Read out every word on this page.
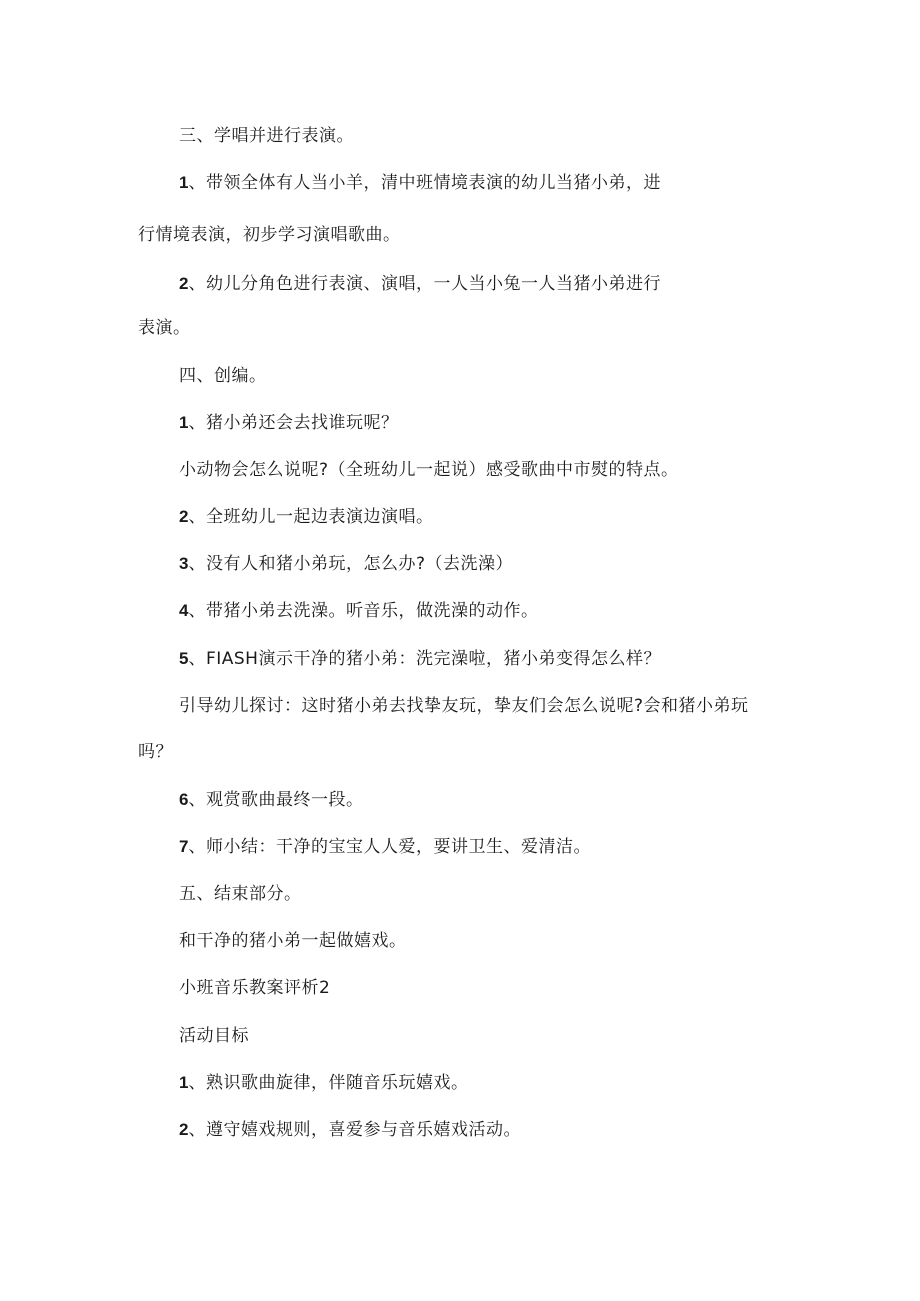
三、学唱并进行表演。
1、带领全体有人当小羊，清中班情境表演的幼儿当猪小弟，进
行情境表演，初步学习演唱歌曲。
2、幼儿分角色进行表演、演唱，一人当小兔一人当猪小弟进行
表演。
四、创编。
1、猪小弟还会去找谁玩呢？
小动物会怎么说呢?（全班幼儿一起说）感受歌曲中市熨的特点。
2、全班幼儿一起边表演边演唱。
3、没有人和猪小弟玩，怎么办?（去洗澡）
4、带猪小弟去洗澡。听音乐，做洗澡的动作。
5、FIASH演示干净的猪小弟：洗完澡啦，猪小弟变得怎么样？
引导幼儿探讨：这时猪小弟去找挚友玩，挚友们会怎么说呢?会和猪小弟玩
吗？
6、观赏歌曲最终一段。
7、师小结：干净的宝宝人人爱，要讲卫生、爱清洁。
五、结束部分。
和干净的猪小弟一起做嬉戏。
小班音乐教案评析2
活动目标
1、熟识歌曲旋律，伴随音乐玩嬉戏。
2、遵守嬉戏规则，喜爱参与音乐嬉戏活动。
